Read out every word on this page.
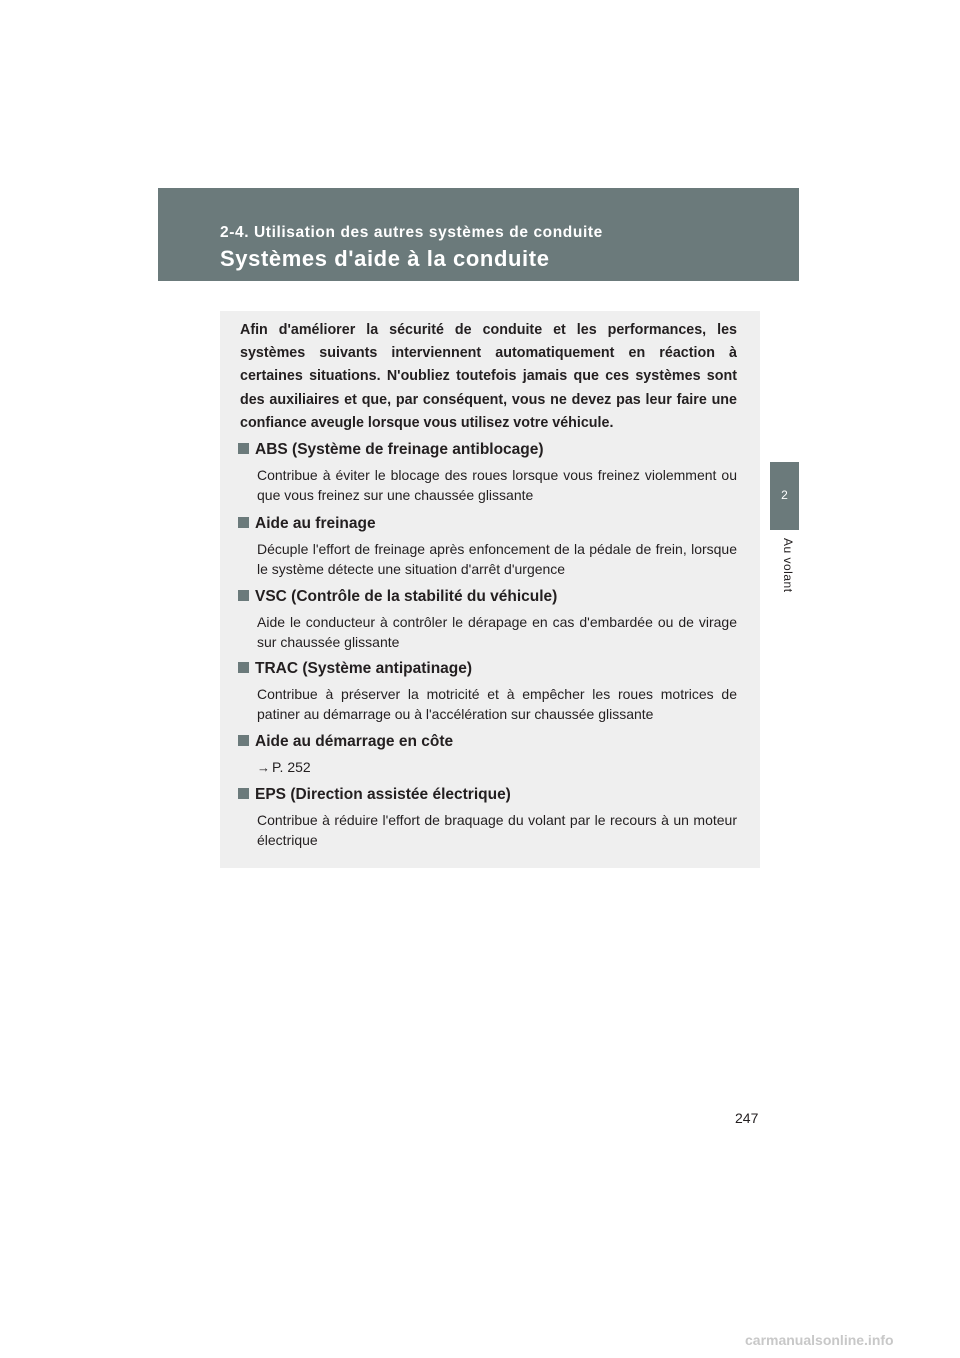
2-4. Utilisation des autres systèmes de conduite
Systèmes d'aide à la conduite
2
Au volant

Afin d'améliorer la sécurité de conduite et les performances, les systèmes suivants interviennent automatiquement en réaction à certaines situations. N'oubliez toutefois jamais que ces systèmes sont des auxiliaires et que, par conséquent, vous ne devez pas leur faire une confiance aveugle lorsque vous utilisez votre véhicule.

ABS (Système de freinage antiblocage)

Contribue à éviter le blocage des roues lorsque vous freinez violemment ou que vous freinez sur une chaussée glissante

Aide au freinage

Décuple l'effort de freinage après enfoncement de la pédale de frein, lorsque le système détecte une situation d'arrêt d'urgence

VSC (Contrôle de la stabilité du véhicule)

Aide le conducteur à contrôler le dérapage en cas d'embardée ou de virage sur chaussée glissante

TRAC (Système antipatinage)

Contribue à préserver la motricité et à empêcher les roues motrices de patiner au démarrage ou à l'accélération sur chaussée glissante

Aide au démarrage en côte

→ P. 252

EPS (Direction assistée électrique)

Contribue à réduire l'effort de braquage du volant par le recours à un moteur électrique

247
carmanualsonline.info
